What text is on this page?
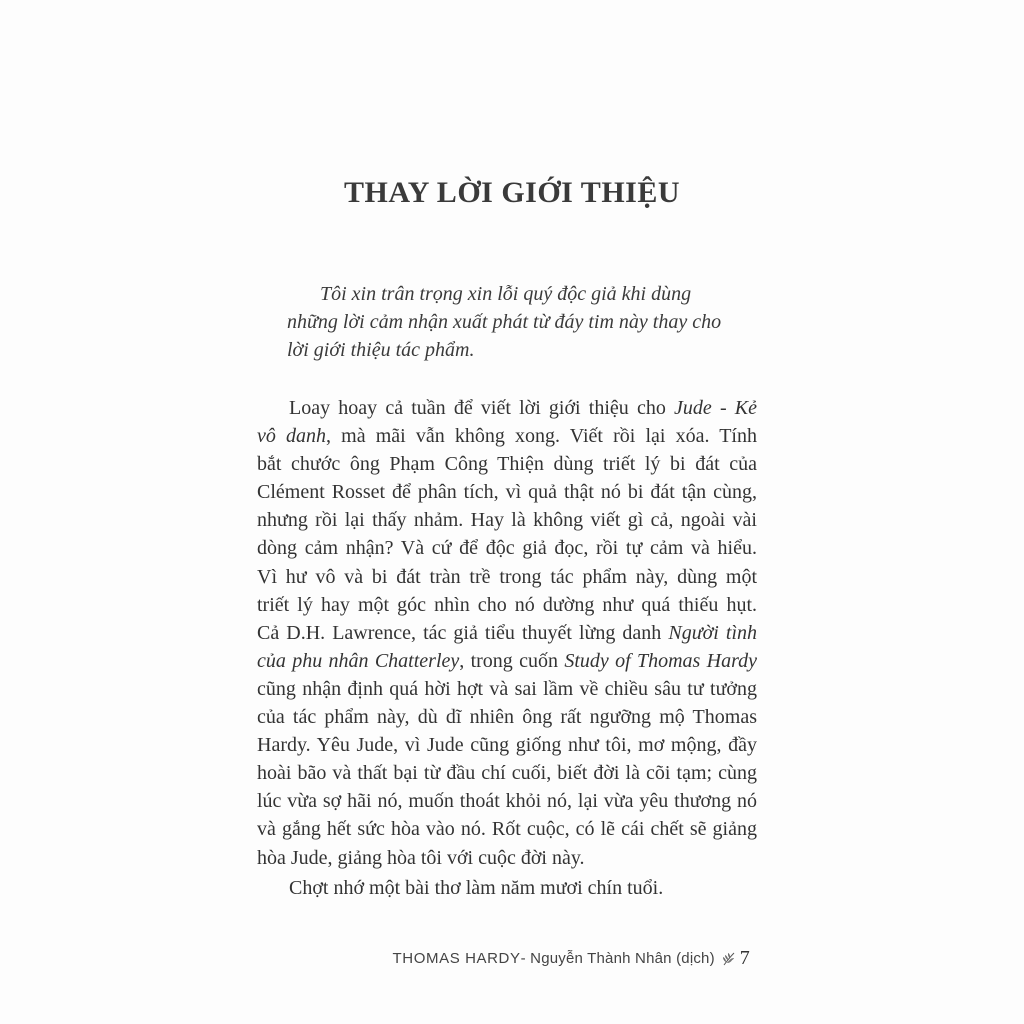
THAY LỜI GIỚI THIỆU
Tôi xin trân trọng xin lỗi quý độc giả khi dùng
những lời cảm nhận xuất phát từ đáy tim này thay cho
lời giới thiệu tác phẩm.
Loay hoay cả tuần để viết lời giới thiệu cho Jude - Kẻ
vô danh, mà mãi vẫn không xong. Viết rồi lại xóa. Tính
bắt chước ông Phạm Công Thiện dùng triết lý bi đát của
Clément Rosset để phân tích, vì quả thật nó bi đát tận cùng,
nhưng rồi lại thấy nhảm. Hay là không viết gì cả, ngoài vài
dòng cảm nhận? Và cứ để độc giả đọc, rồi tự cảm và hiểu.
Vì hư vô và bi đát tràn trề trong tác phẩm này, dùng một
triết lý hay một góc nhìn cho nó dường như quá thiếu hụt.
Cả D.H. Lawrence, tác giả tiểu thuyết lừng danh Người tình
của phu nhân Chatterley, trong cuốn Study of Thomas Hardy
cũng nhận định quá hời hợt và sai lầm về chiều sâu tư tưởng
của tác phẩm này, dù dĩ nhiên ông rất ngưỡng mộ Thomas
Hardy. Yêu Jude, vì Jude cũng giống như tôi, mơ mộng, đầy
hoài bão và thất bại từ đầu chí cuối, biết đời là cõi tạm; cùng
lúc vừa sợ hãi nó, muốn thoát khỏi nó, lại vừa yêu thương nó
và gắng hết sức hòa vào nó. Rốt cuộc, có lẽ cái chết sẽ giảng
hòa Jude, giảng hòa tôi với cuộc đời này.
Chợt nhớ một bài thơ làm năm mươi chín tuổi.
THOMAS HARDY - Nguyễn Thành Nhân (dịch) 7
